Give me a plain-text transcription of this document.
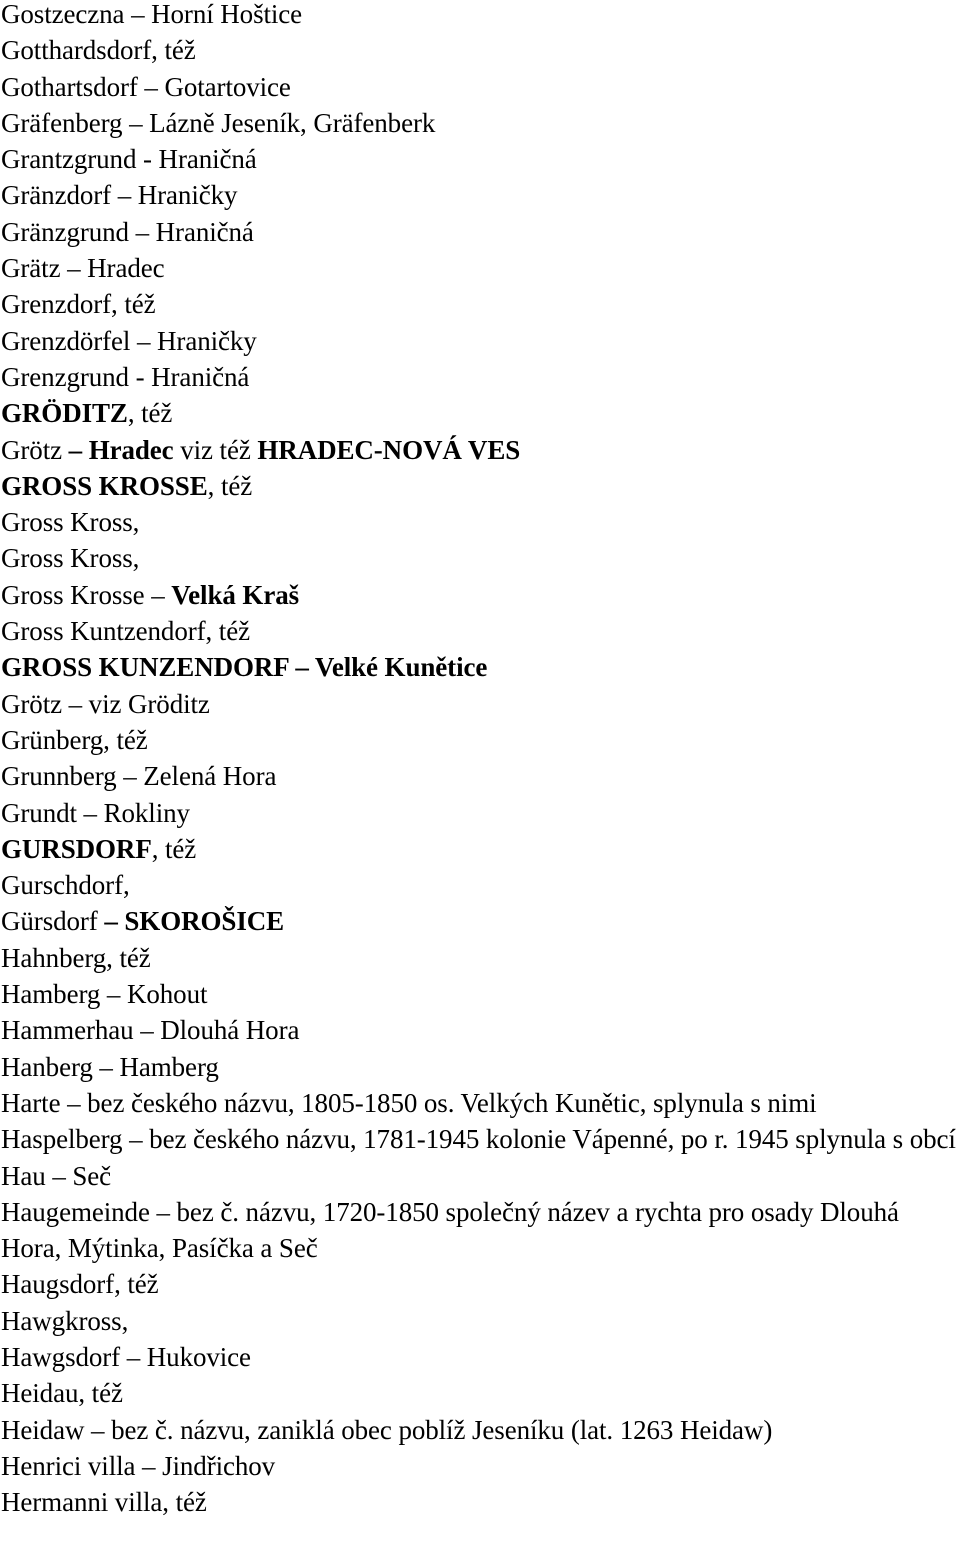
Gostzeczna – Horní Hoštice
Gotthardsdorf, též
Gothartsdorf – Gotartovice
Gräfenberg – Lázně Jeseník, Gräfenberk
Grantzgrund - Hraničná
Gränzdorf – Hraničky
Gränzgrund – Hraničná
Grätz – Hradec
Grenzdorf, též
Grenzdörfel – Hraničky
Grenzgrund - Hraničná
GRÖDITZ, též
Grötz – Hradec viz též HRADEC-NOVÁ VES
GROSS KROSSE, též
Gross Kross,
Gross Kross,
Gross Krosse – Velká Kraš
Gross Kuntzendorf, též
GROSS KUNZENDORF – Velké Kunětice
Grötz – viz Gröditz
Grünberg, též
Grunnberg – Zelená Hora
Grundt – Rokliny
GURSDORF, též
Gurschdorf,
Gürsdorf – SKOROŠICE
Hahnberg, též
Hamberg – Kohout
Hammerhau – Dlouhá Hora
Hanberg – Hamberg
Harte – bez českého názvu, 1805-1850 os. Velkých Kunětic, splynula s nimi
Haspelberg – bez českého názvu, 1781-1945 kolonie Vápenné, po r. 1945 splynula s obcí
Hau – Seč
Haugemeinde – bez č. názvu, 1720-1850 společný název a rychta pro osady Dlouhá Hora, Mýtinka, Pasíčka a Seč
Haugsdorf, též
Hawgkross,
Hawgsdorf – Hukovice
Heidau, též
Heidaw – bez č. názvu, zaniklá obec poblíž Jeseníku (lat. 1263 Heidaw)
Henrici villa – Jindřichov
Hermanni villa, též
